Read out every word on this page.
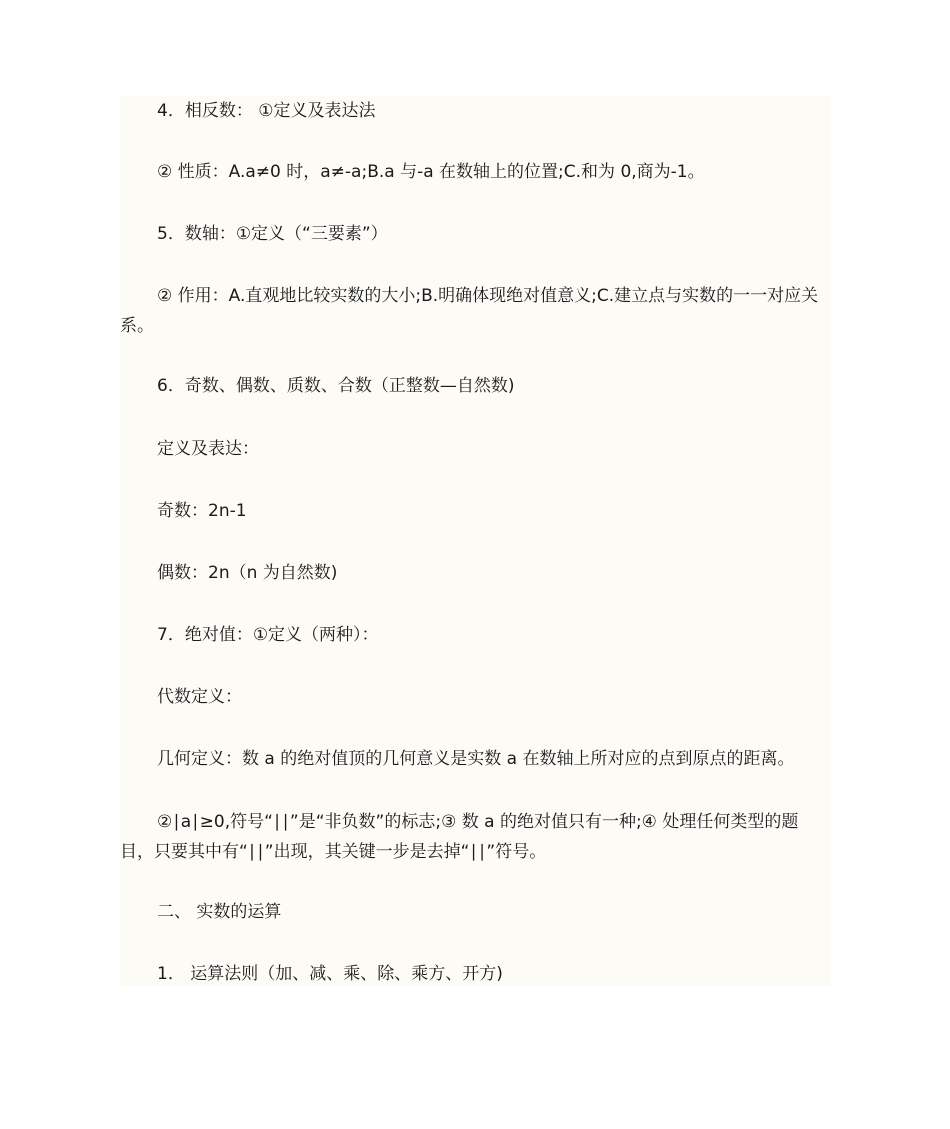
4．相反数： ①定义及表达法

② 性质：A.a≠0 时，a≠-a;B.a 与-a 在数轴上的位置;C.和为 0,商为-1。

5．数轴：①定义（“三要素”）

② 作用：A.直观地比较实数的大小;B.明确体现绝对值意义;C.建立点与实数的一一对应关系。

6．奇数、偶数、质数、合数（正整数—自然数)

定义及表达：

奇数：2n-1

偶数：2n（n 为自然数)

7．绝对值：①定义（两种）：

代数定义：

几何定义：数 a 的绝对值顶的几何意义是实数 a 在数轴上所对应的点到原点的距离。

②∣a∣≥0,符号“∣∣”是“非负数”的标志;③ 数 a 的绝对值只有一种;④ 处理任何类型的题目，只要其中有“∣∣”出现，其关键一步是去掉“∣∣”符号。

二、 实数的运算

1． 运算法则（加、减、乘、除、乘方、开方)
